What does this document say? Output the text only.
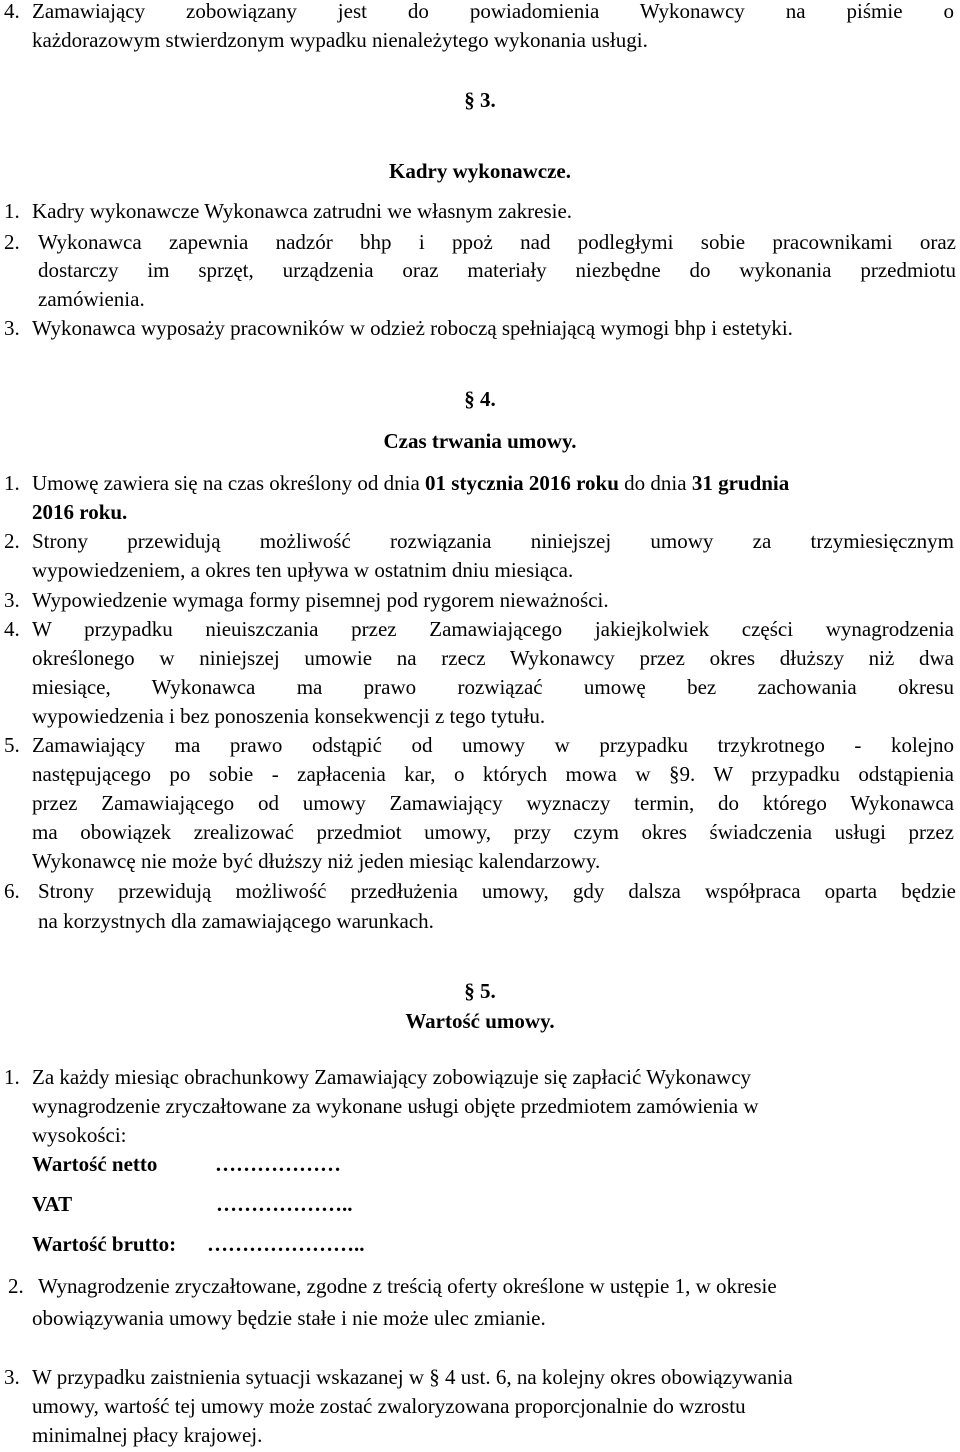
4. Zamawiający zobowiązany jest do powiadomienia Wykonawcy na piśmie o
każdorazowym stwierdzonym wypadku nienależytego wykonania usługi.
§ 3.
Kadry wykonawcze.
1. Kadry wykonawcze Wykonawca zatrudni we własnym zakresie.
2. Wykonawca zapewnia nadzór bhp i ppoż nad podległymi sobie pracownikami oraz
dostarczy im sprzęt, urządzenia oraz materiały niezbędne do wykonania przedmiotu
zamówienia.
3. Wykonawca wyposaży pracowników w odzież roboczą spełniającą wymogi bhp i estetyki.
§ 4.
Czas trwania umowy.
1. Umowę zawiera się na czas określony od dnia 01 stycznia 2016 roku do dnia 31 grudnia
2016 roku.
2. Strony przewidują możliwość rozwiązania niniejszej umowy za trzymiesięcznym
wypowiedzeniem, a okres ten upływa w ostatnim dniu miesiąca.
3. Wypowiedzenie wymaga formy pisemnej pod rygorem nieważności.
4. W przypadku nieuiszczania przez Zamawiającego jakiejkolwiek części wynagrodzenia
określonego w niniejszej umowie na rzecz Wykonawcy przez okres dłuższy niż dwa
miesiące, Wykonawca ma prawo rozwiązać umowę bez zachowania okresu
wypowiedzenia i bez ponoszenia konsekwencji z tego tytułu.
5. Zamawiający ma prawo odstąpić od umowy w przypadku trzykrotnego - kolejno
następującego po sobie - zapłacenia kar, o których mowa w §9. W przypadku odstąpienia
przez Zamawiającego od umowy Zamawiający wyznaczy termin, do którego Wykonawca
ma obowiązek zrealizować przedmiot umowy, przy czym okres świadczenia usługi przez
Wykonawcę nie może być dłuższy niż jeden miesiąc kalendarzowy.
6. Strony przewidują możliwość przedłużenia umowy, gdy dalsza współpraca oparta będzie
na korzystnych dla zamawiającego warunkach.
§ 5.
Wartość umowy.
1. Za każdy miesiąc obrachunkowy Zamawiający zobowiązuje się zapłacić Wykonawcy
wynagrodzenie zryczałtowane za wykonane usługi objęte przedmiotem zamówienia w
wysokości:
Wartość netto	………………
VAT	………………..
Wartość brutto: …………………..
2. Wynagrodzenie zryczałtowane, zgodne z treścią oferty określone w ustępie 1, w okresie
obowiązywania umowy będzie stałe i nie może ulec zmianie.
3. W przypadku zaistnienia sytuacji wskazanej w § 4 ust. 6, na kolejny okres obowiązywania
umowy, wartość tej umowy może zostać zwaloryzowana proporcjonalnie do wzrostu
minimalnej płacy krajowej.
